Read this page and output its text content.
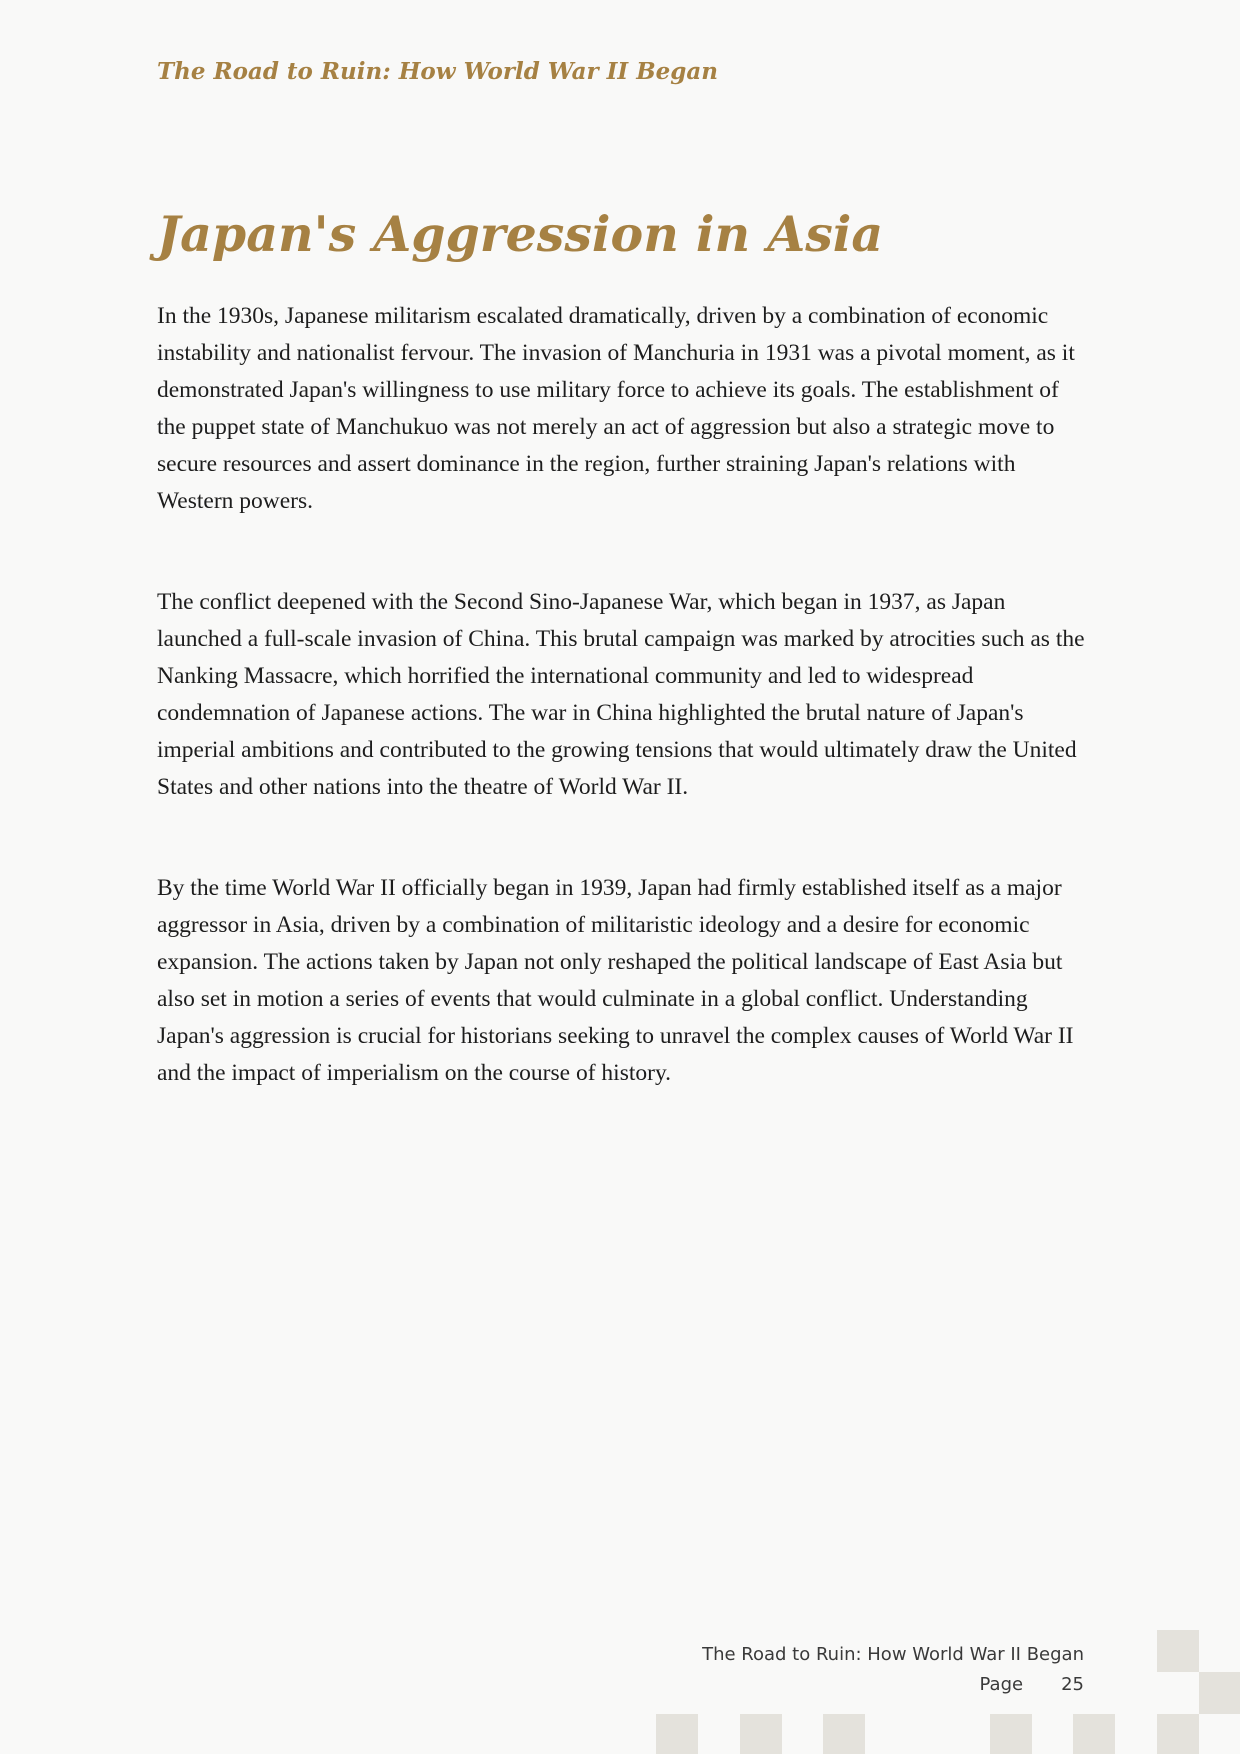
The Road to Ruin: How World War II Began
Japan's Aggression in Asia

In the 1930s, Japanese militarism escalated dramatically, driven by a combination of economic instability and nationalist fervour. The invasion of Manchuria in 1931 was a pivotal moment, as it demonstrated Japan's willingness to use military force to achieve its goals. The establishment of the puppet state of Manchukuo was not merely an act of aggression but also a strategic move to secure resources and assert dominance in the region, further straining Japan's relations with Western powers.

The conflict deepened with the Second Sino-Japanese War, which began in 1937, as Japan launched a full-scale invasion of China. This brutal campaign was marked by atrocities such as the Nanking Massacre, which horrified the international community and led to widespread condemnation of Japanese actions. The war in China highlighted the brutal nature of Japan's imperial ambitions and contributed to the growing tensions that would ultimately draw the United States and other nations into the theatre of World War II.

By the time World War II officially began in 1939, Japan had firmly established itself as a major aggressor in Asia, driven by a combination of militaristic ideology and a desire for economic expansion. The actions taken by Japan not only reshaped the political landscape of East Asia but also set in motion a series of events that would culminate in a global conflict. Understanding Japan's aggression is crucial for historians seeking to unravel the complex causes of World War II and the impact of imperialism on the course of history.

The Road to Ruin: How World War II Began
Page 25
